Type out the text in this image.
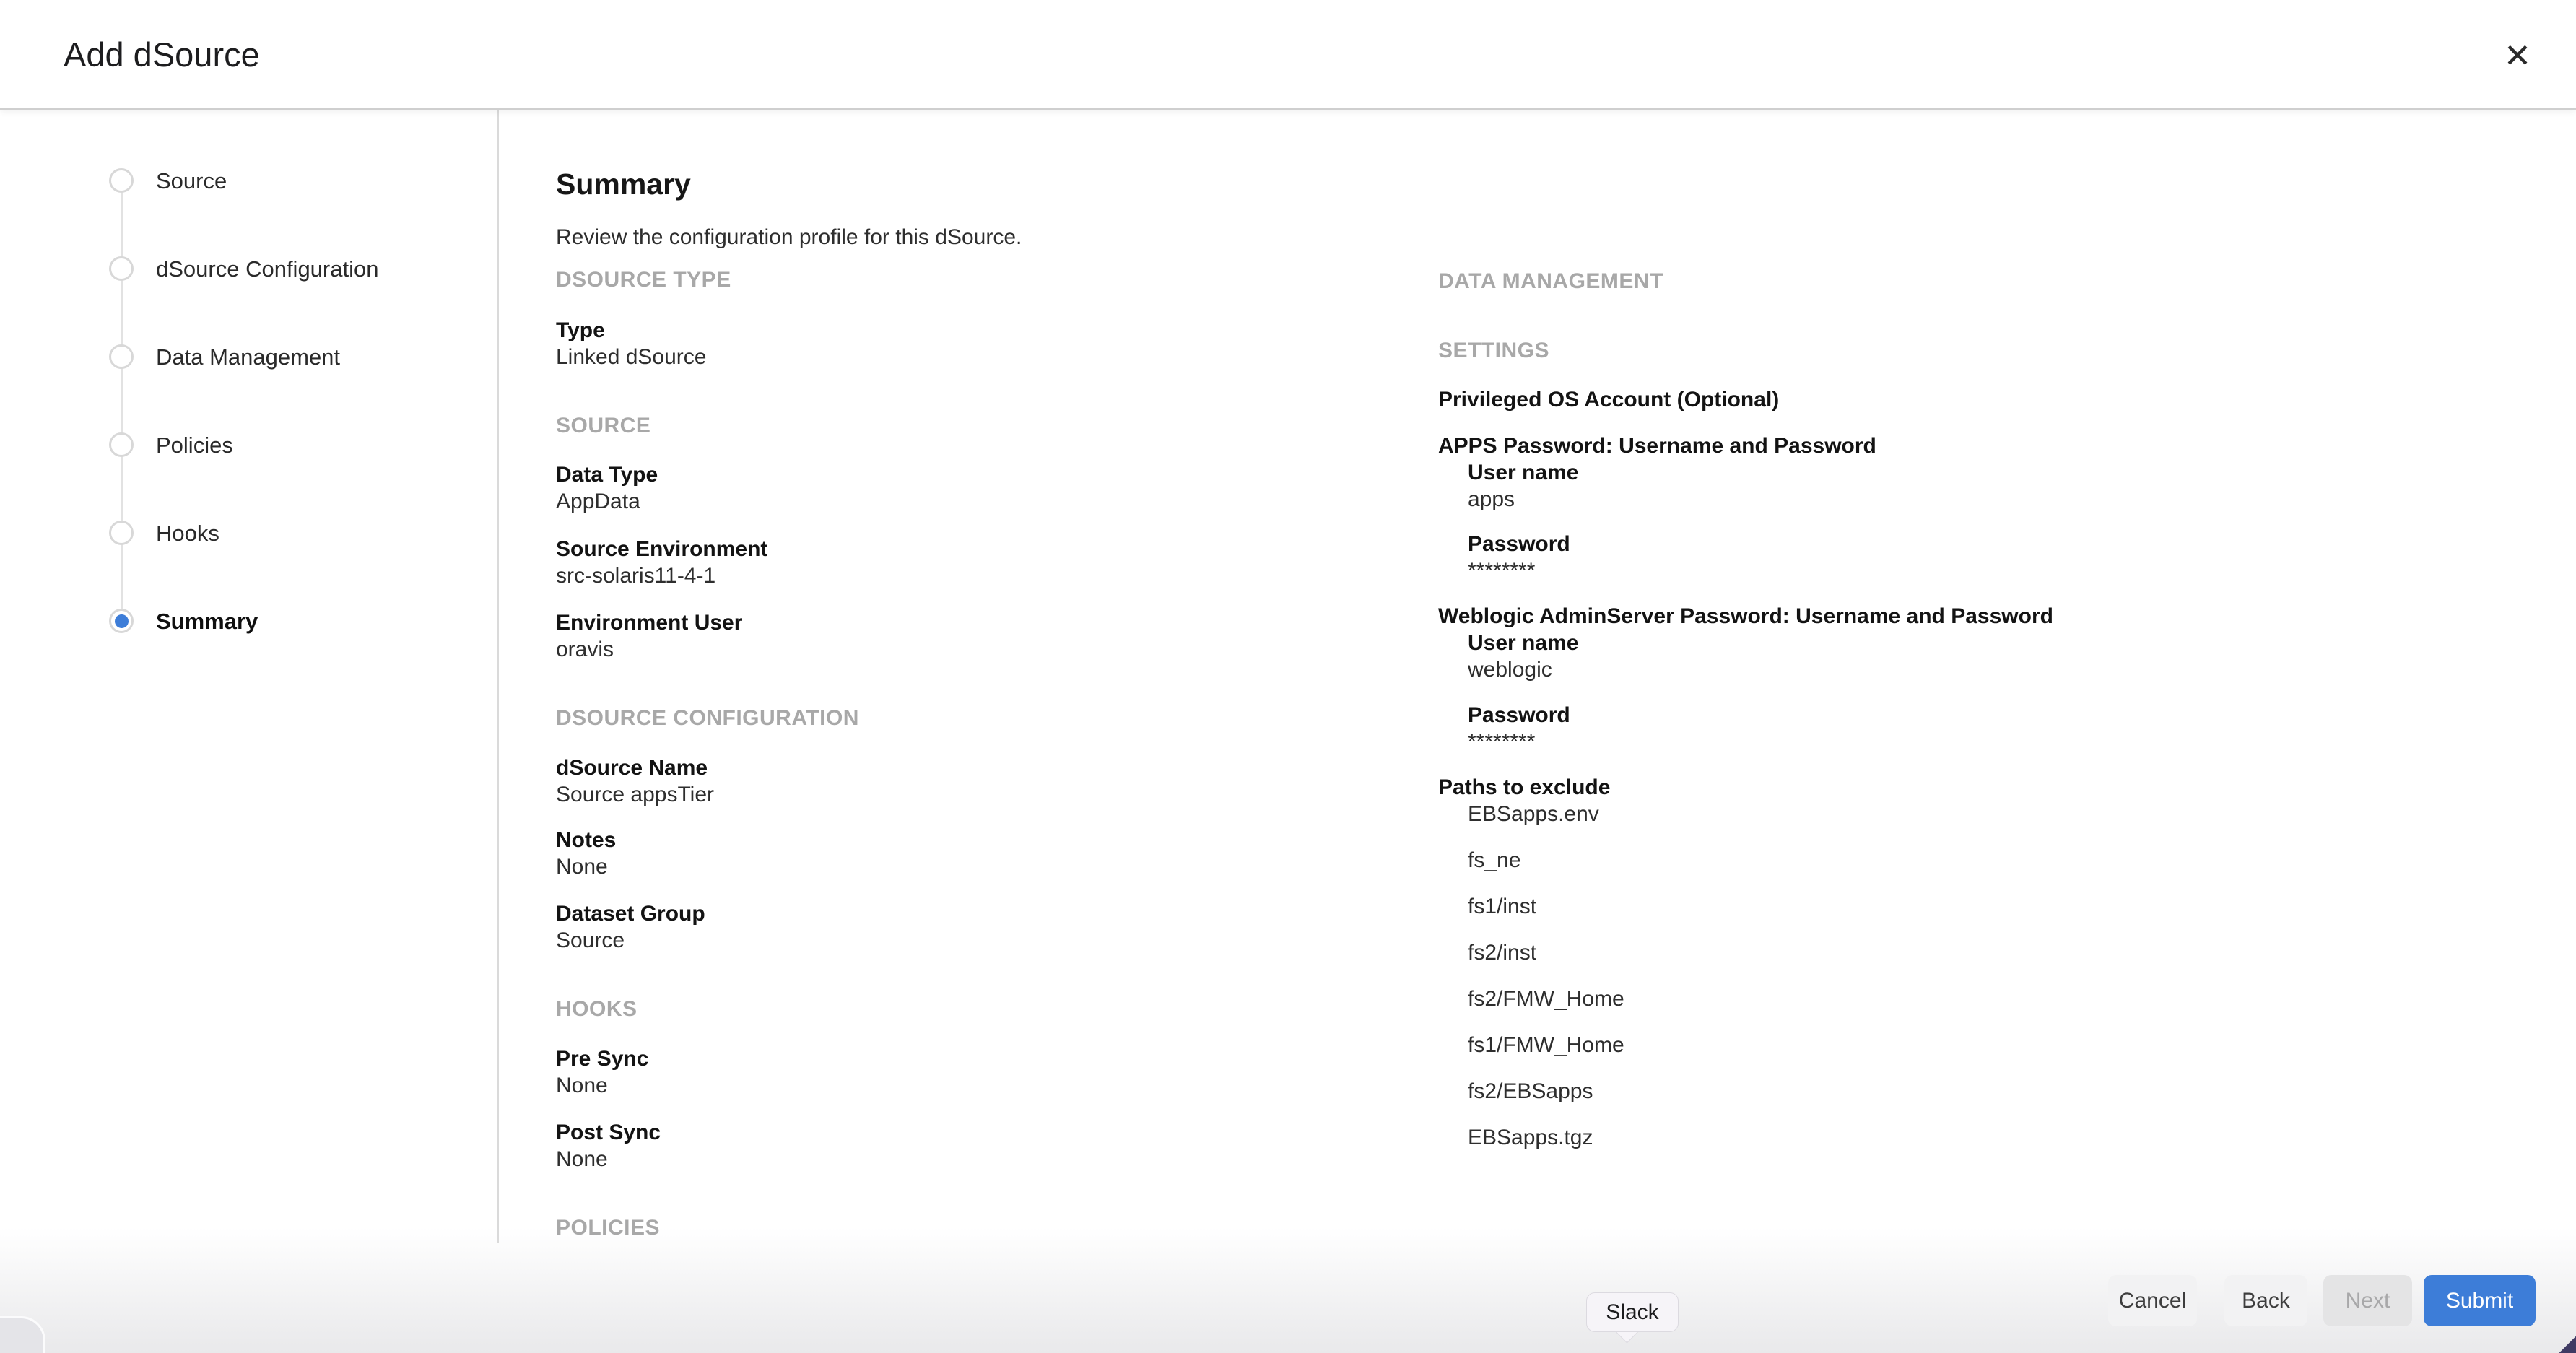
Add dSource	✕
Source
dSource Configuration
Data Management
Policies
Hooks
Summary
Summary
Review the configuration profile for this dSource.
DSOURCE TYPE
Type
Linked dSource
SOURCE
Data Type
AppData
Source Environment
src-solaris11-4-1
Environment User
oravis
DSOURCE CONFIGURATION
dSource Name
Source appsTier
Notes
None
Dataset Group
Source
HOOKS
Pre Sync
None
Post Sync
None
POLICIES
DATA MANAGEMENT
SETTINGS
Privileged OS Account (Optional)
APPS Password: Username and Password
User name
apps
Password
********
Weblogic AdminServer Password: Username and Password
User name
weblogic
Password
********
Paths to exclude
EBSapps.env
fs_ne
fs1/inst
fs2/inst
fs2/FMW_Home
fs1/FMW_Home
fs2/EBSapps
EBSapps.tgz
Cancel	Back	Next	Submit
Slack
